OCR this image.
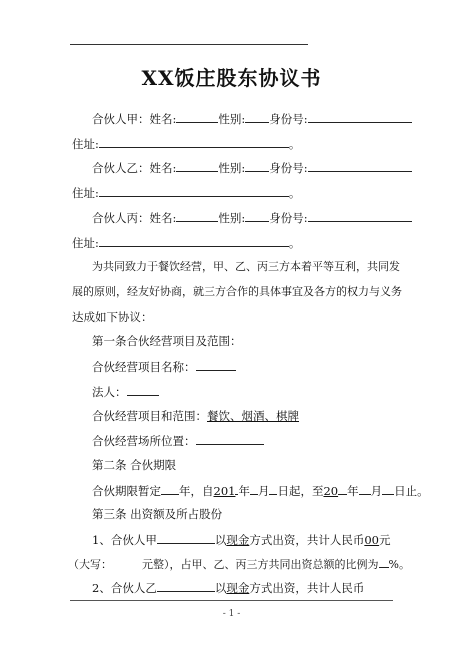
XX饭庄股东协议书
合伙人甲：姓名:	性别: 身份号:
住址:	。
合伙人乙：姓名:	性别: 身份号:
住址:	。
合伙人丙：姓名:	性别: 身份号:
住址:	。
为共同致力于餐饮经营，甲、乙、丙三方本着平等互利，共同发
展的原则，经友好协商，就三方合作的具体事宜及各方的权力与义务
达成如下协议：
第一条合伙经营项目及范围：
合伙经营项目名称：
法人：
合伙经营项目和范围：餐饮、烟酒、棋牌
合伙经营场所位置：
第二条 合伙期限
合伙期限暂定 年，自201 年 月 日起，至20 年 月 日止。
第三条 出资额及所占股份
1、合伙人甲	以现金方式出资，共计人民币00元
（大写：	元整），占甲、乙、丙三方共同出资总额的比例为 %。
2、合伙人乙	以现金方式出资，共计人民币
- 1 -
